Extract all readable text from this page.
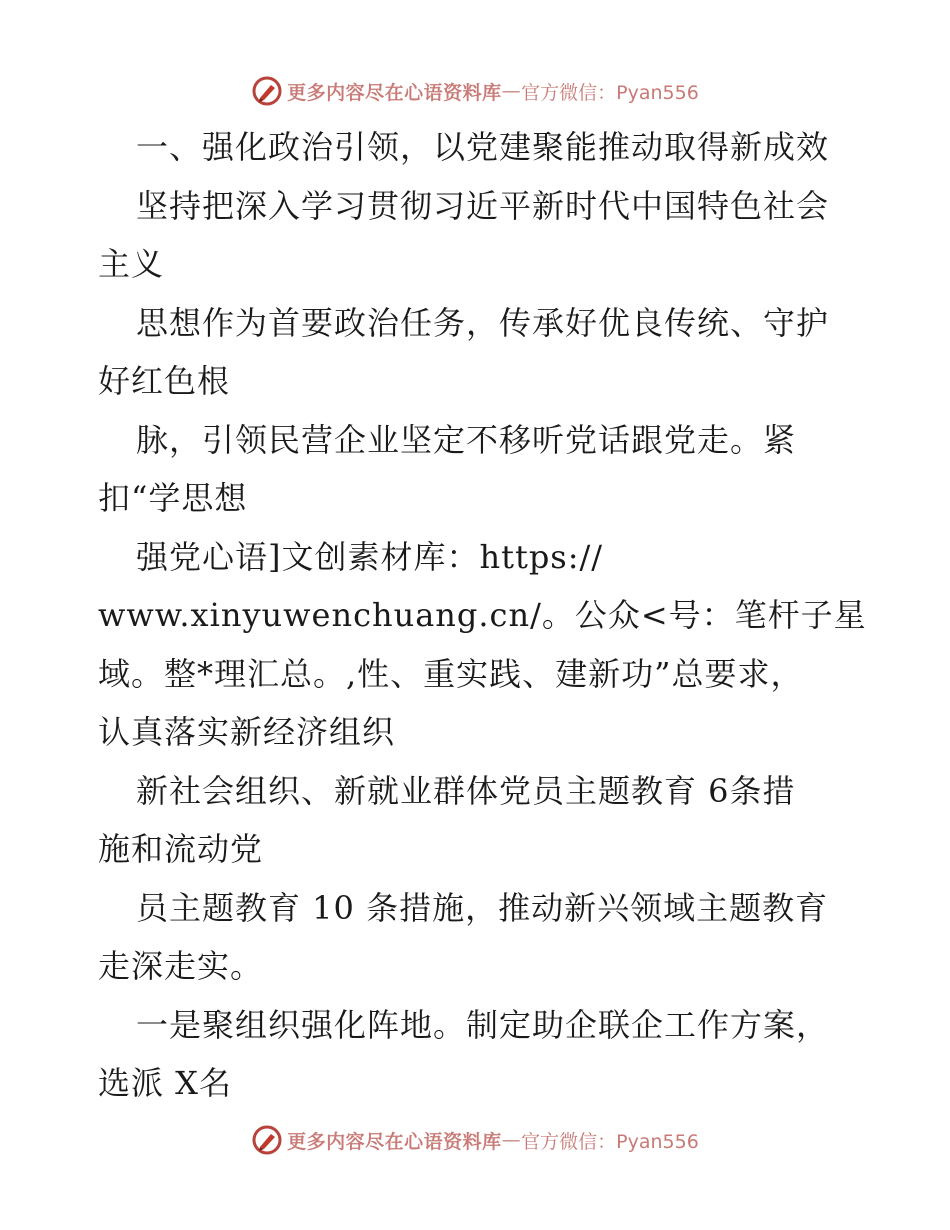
更多内容尽在心语资料库 — 官方微信：Pyan556
一、强化政治引领，以党建聚能推动取得新成效
坚持把深入学习贯彻习近平新时代中国特色社会
主义
思想作为首要政治任务，传承好优良传统、守护
好红色根
脉，引领民营企业坚定不移听党话跟党走。紧
扣“学思想
强党心语]文创素材库：https://
www.xinyuwenchuang.cn/。公众<号：笔杆子星
域。整*理汇总。,性、重实践、建新功”总要求，
认真落实新经济组织
新社会组织、新就业群体党员主题教育 6条措
施和流动党
员主题教育 10 条措施，推动新兴领域主题教育
走深走实。
一是聚组织强化阵地。制定助企联企工作方案，
选派 X名
更多内容尽在心语资料库 — 官方微信：Pyan556
